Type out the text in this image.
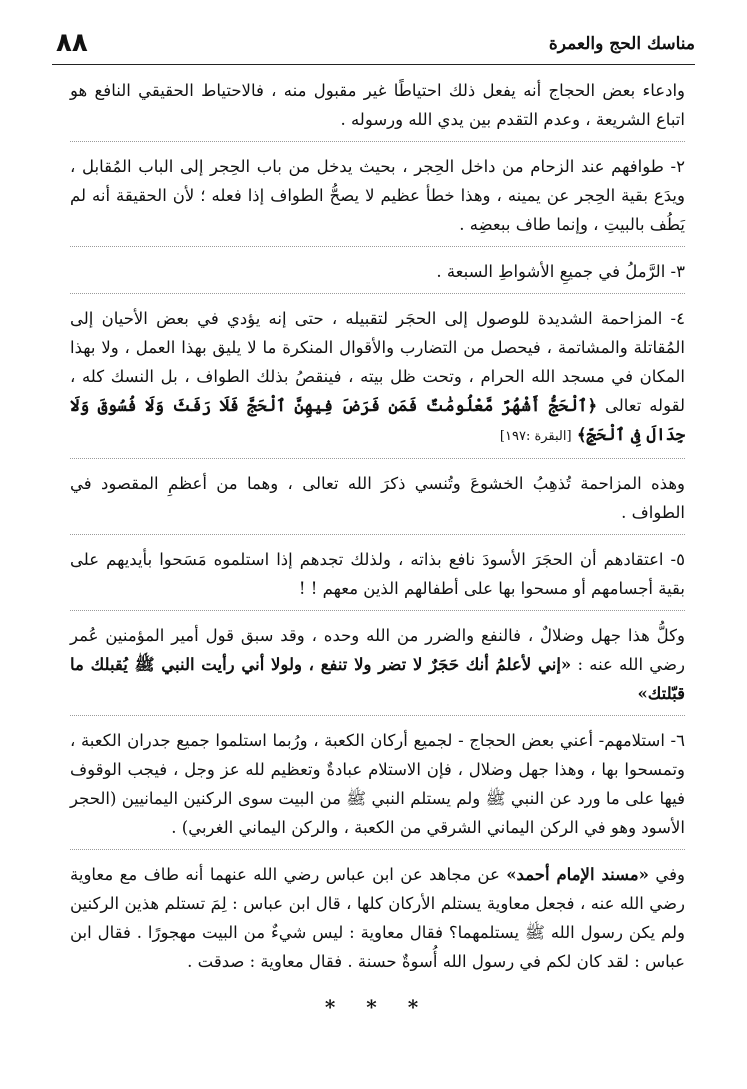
مناسك الحج والعمرة
٨٨

وادعاء بعض الحجاج أنه يفعل ذلك احتياطًا غير مقبول منه ، فالاحتياط الحقيقي النافع هو اتباع الشريعة ، وعدم التقدم بين يدي الله ورسوله .

٢- طوافهم عند الزحام من داخل الحِجر ، بحيث يدخل من باب الحِجر إلى الباب المُقابل ، ويدَع بقية الحِجر عن يمينه ، وهذا خطأ عظيم لا يصحُّ الطواف إذا فعله ؛ لأن الحقيقة أنه لم يَطُف بالبيتِ ، وإنما طاف ببعضِه .

٣- الرَّملُ في جميعِ الأشواطِ السبعة .

٤- المزاحمة الشديدة للوصول إلى الحجَر لتقبيله ، حتى إنه يؤدي في بعض الأحيان إلى المُقاتلة والمشاتمة ، فيحصل من التضارب والأقوال المنكرة ما لا يليق بهذا العمل ، ولا بهذا المكان في مسجد الله الحرام ، وتحت ظل بيته ، فينقصُ بذلك الطواف ، بل النسك كله ، لقوله تعالى ﴿ٱلْحَجُّ أَشْهُرٌ مَّعْلُومَٰتٌ فَمَن فَرَضَ فِيهِنَّ ٱلْحَجَّ فَلَا رَفَثَ وَلَا فُسُوقَ وَلَا جِدَالَ فِى ٱلْحَجِّ﴾ [البقرة :١٩٧]

وهذه المزاحمة تُذهِبُ الخشوعَ وتُنسي ذكرَ الله تعالى ، وهما من أعظمِ المقصود في الطواف .

٥- اعتقادهم أن الحجَرَ الأسودَ نافع بذاته ، ولذلك تجدهم إذا استلموه مَسَحوا بأيديهم على بقية أجسامهم أو مسحوا بها على أطفالهم الذين معهم ! !

وكلُّ هذا جهل وضلالٌ ، فالنفع والضرر من الله وحده ، وقد سبق قول أمير المؤمنين عُمر رضي الله عنه : «إني لأعلمُ أنك حَجَرٌ لا تضر ولا تنفع ، ولولا أني رأيت النبي ﷺ يُقبلك ما قبّلتك»

٦- استلامهم- أعني بعض الحجاج - لجميع أركان الكعبة ، ورُبما استلموا جميع جدران الكعبة ، وتمسحوا بها ، وهذا جهل وضلال ، فإن الاستلام عبادةٌ وتعظيم لله عز وجل ، فيجب الوقوف فيها على ما ورد عن النبي ﷺ ولم يستلم النبي ﷺ من البيت سوى الركنين اليمانيين (الحجر الأسود وهو في الركن اليماني الشرقي من الكعبة ، والركن اليماني الغربي) .

وفي «مسند الإمام أحمد» عن مجاهد عن ابن عباس رضي الله عنهما أنه طاف مع معاوية رضي الله عنه ، فجعل معاوية يستلم الأركان كلها ، قال ابن عباس : لِمَ تستلم هذين الركنين ولم يكن رسول الله ﷺ يستلمهما؟ فقال معاوية : ليس شيءٌ من البيت مهجورًا . فقال ابن عباس : لقد كان لكم في رسول الله أُسوةٌ حسنة . فقال معاوية : صدقت .

* * *
